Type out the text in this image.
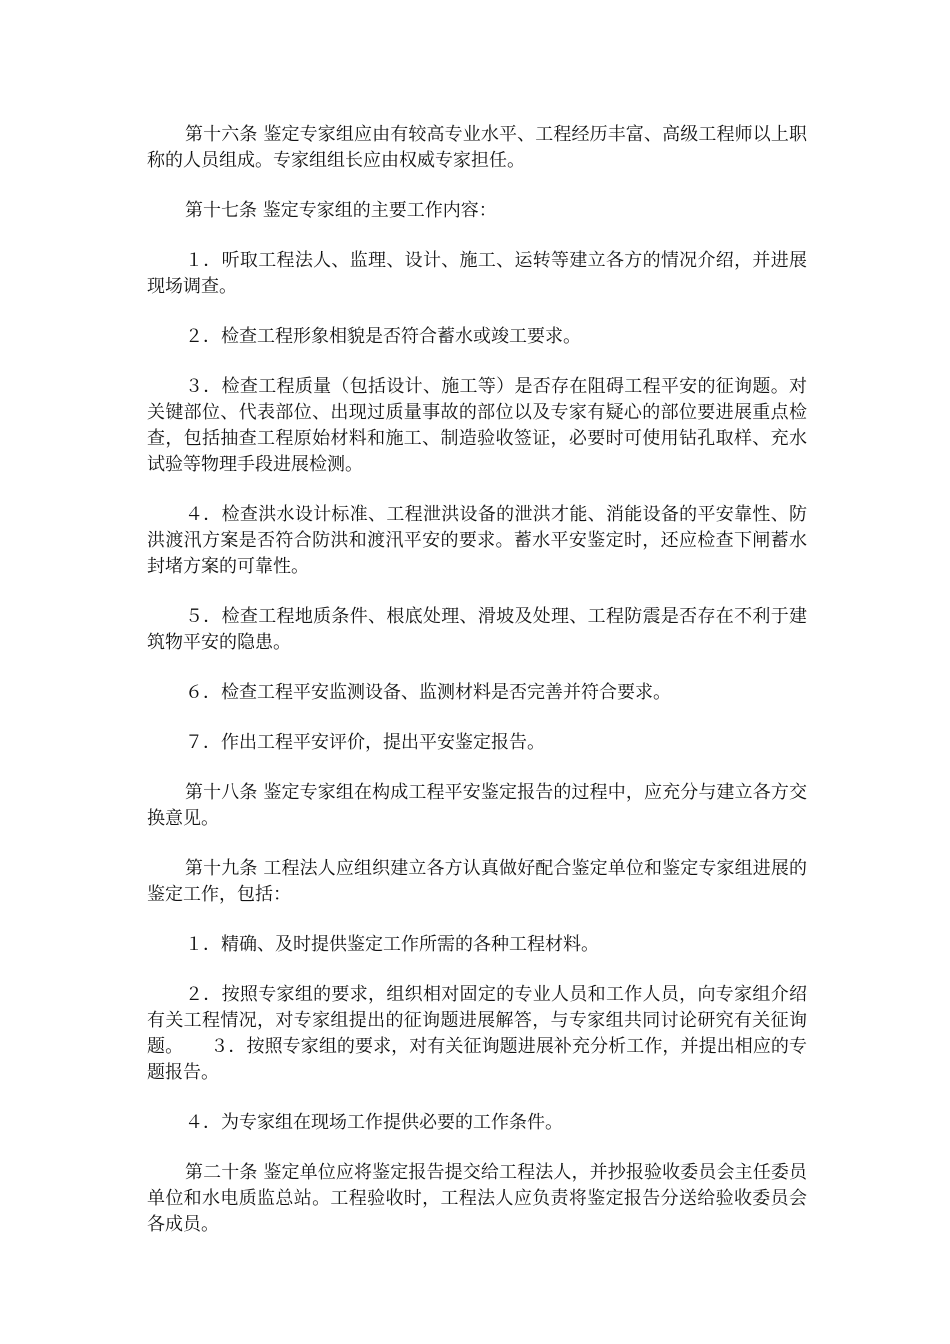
第十六条 鉴定专家组应由有较高专业水平、工程经历丰富、高级工程师以上职称的人员组成。专家组组长应由权威专家担任。

第十七条 鉴定专家组的主要工作内容：

１．听取工程法人、监理、设计、施工、运转等建立各方的情况介绍，并进展现场调查。

２．检查工程形象相貌是否符合蓄水或竣工要求。

３．检查工程质量（包括设计、施工等）是否存在阻碍工程平安的征询题。对关键部位、代表部位、出现过质量事故的部位以及专家有疑心的部位要进展重点检查，包括抽查工程原始材料和施工、制造验收签证，必要时可使用钻孔取样、充水试验等物理手段进展检测。

４．检查洪水设计标准、工程泄洪设备的泄洪才能、消能设备的平安靠性、防洪渡汛方案是否符合防洪和渡汛平安的要求。蓄水平安鉴定时，还应检查下闸蓄水封堵方案的可靠性。

５．检查工程地质条件、根底处理、滑坡及处理、工程防震是否存在不利于建筑物平安的隐患。

６．检查工程平安监测设备、监测材料是否完善并符合要求。

７．作出工程平安评价，提出平安鉴定报告。

第十八条 鉴定专家组在构成工程平安鉴定报告的过程中，应充分与建立各方交换意见。

第十九条 工程法人应组织建立各方认真做好配合鉴定单位和鉴定专家组进展的鉴定工作，包括：

１．精确、及时提供鉴定工作所需的各种工程材料。

２．按照专家组的要求，组织相对固定的专业人员和工作人员，向专家组介绍有关工程情况，对专家组提出的征询题进展解答，与专家组共同讨论研究有关征询题。　　３．按照专家组的要求，对有关征询题进展补充分析工作，并提出相应的专题报告。

４．为专家组在现场工作提供必要的工作条件。

第二十条 鉴定单位应将鉴定报告提交给工程法人，并抄报验收委员会主任委员单位和水电质监总站。工程验收时，工程法人应负责将鉴定报告分送给验收委员会各成员。
